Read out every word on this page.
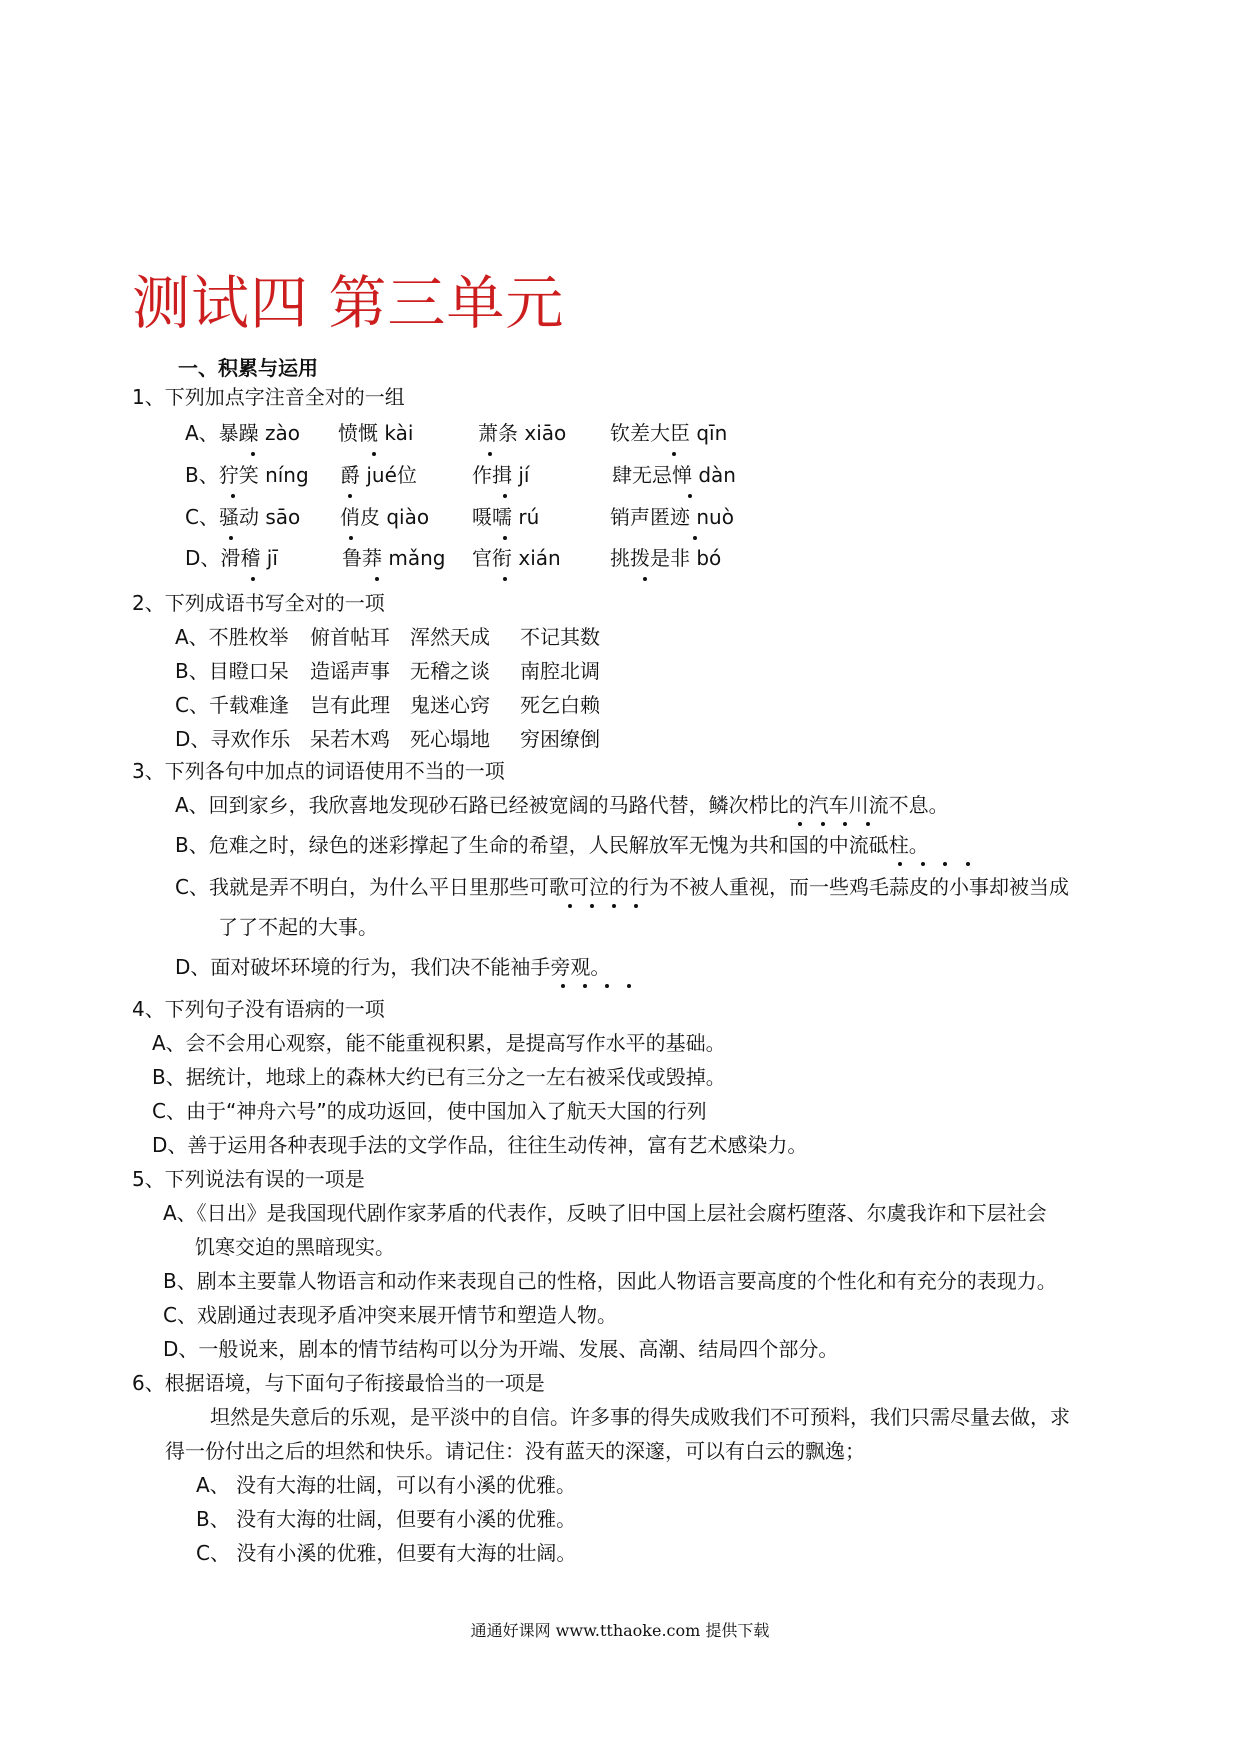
测试四 第三单元
一、积累与运用
1、下列加点字注音全对的一组
A、暴躁 zào 愤慨 kài	萧条 xiāo 钦差大臣 qīn
B、狞笑 níng 爵 jué位	作揖 jí	肆无忌惮 dàn
C、骚动 sāo 俏皮 qiào 嗫嚅 rú	销声匿迹 nuò
D、滑稽 jī	鲁莽 mǎng 官衔 xián 挑拨是非 bó
2、下列成语书写全对的一项
A、不胜枚举 俯首帖耳 浑然天成 不记其数
B、目瞪口呆 造谣声事 无稽之谈 南腔北调
C、千载难逢 岂有此理 鬼迷心窍 死乞白赖
D、寻欢作乐 呆若木鸡 死心塌地 穷困缭倒
3、下列各句中加点的词语使用不当的一项
A、回到家乡，我欣喜地发现砂石路已经被宽阔的马路代替，鳞次栉比的汽车川流不息。
B、危难之时，绿色的迷彩撑起了生命的希望，人民解放军无愧为共和国的中流砥柱。
C、我就是弄不明白，为什么平日里那些可歌可泣的行为不被人重视，而一些鸡毛蒜皮的小事却被当成
了了不起的大事。
D、面对破坏环境的行为，我们决不能袖手旁观。
4、下列句子没有语病的一项
A、会不会用心观察，能不能重视积累，是提高写作水平的基础。
B、据统计，地球上的森林大约已有三分之一左右被采伐或毁掉。
C、由于“神舟六号”的成功返回，使中国加入了航天大国的行列
D、善于运用各种表现手法的文学作品，往往生动传神，富有艺术感染力。
5、下列说法有误的一项是
A、《日出》是我国现代剧作家茅盾的代表作，反映了旧中国上层社会腐朽堕落、尔虞我诈和下层社会
饥寒交迫的黑暗现实。
B、剧本主要靠人物语言和动作来表现自己的性格，因此人物语言要高度的个性化和有充分的表现力。
C、戏剧通过表现矛盾冲突来展开情节和塑造人物。
D、一般说来，剧本的情节结构可以分为开端、发展、高潮、结局四个部分。
6、根据语境，与下面句子衔接最恰当的一项是
坦然是失意后的乐观，是平淡中的自信。许多事的得失成败我们不可预料，我们只需尽量去做，求
得一份付出之后的坦然和快乐。请记住：没有蓝天的深邃，可以有白云的飘逸；
A、 没有大海的壮阔，可以有小溪的优雅。
B、 没有大海的壮阔，但要有小溪的优雅。
C、 没有小溪的优雅，但要有大海的壮阔。
通通好课网 www.tthaoke.com 提供下载
